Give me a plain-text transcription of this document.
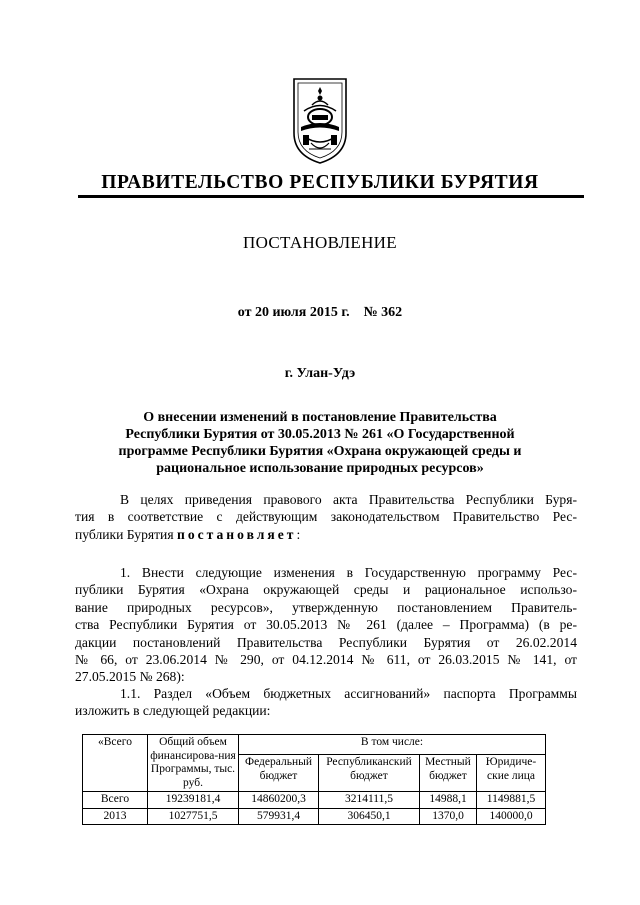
ПРАВИТЕЛЬСТВО РЕСПУБЛИКИ БУРЯТИЯ
ПОСТАНОВЛЕНИЕ
от 20 июля 2015 г.    № 362
г. Улан-Удэ
О внесении изменений в постановление Правительства
Республики Бурятия от 30.05.2013 № 261 «О Государственной
программе Республики Бурятия «Охрана окружающей среды и
рациональное использование природных ресурсов»
В целях приведения правового акта Правительства Республики Буря-
тия в соответствие с действующим законодательством Правительство Рес-
публики Бурятия постановляет:
1. Внести следующие изменения в Государственную программу Рес-
публики Бурятия «Охрана окружающей среды и рациональное использо-
вание природных ресурсов», утвержденную постановлением Правитель-
ства Республики Бурятия от 30.05.2013 № 261 (далее – Программа) (в ре-
дакции постановлений Правительства Республики Бурятия от 26.02.2014
№ 66, от 23.06.2014 № 290, от 04.12.2014 № 611, от 26.03.2015 № 141, от
27.05.2015 № 268):
1.1. Раздел «Объем бюджетных ассигнований» паспорта Программы
изложить в следующей редакции:
«Всего	Общий объем финансирова-ния Программы, тыс. руб.	В том числе:			
		Федеральный бюджет	Республиканский бюджет	Местный бюджет	Юридиче-ские лица
Всего	19239181,4	14860200,3	3214111,5	14988,1	1149881,5
2013	1027751,5	579931,4	306450,1	1370,0	140000,0
